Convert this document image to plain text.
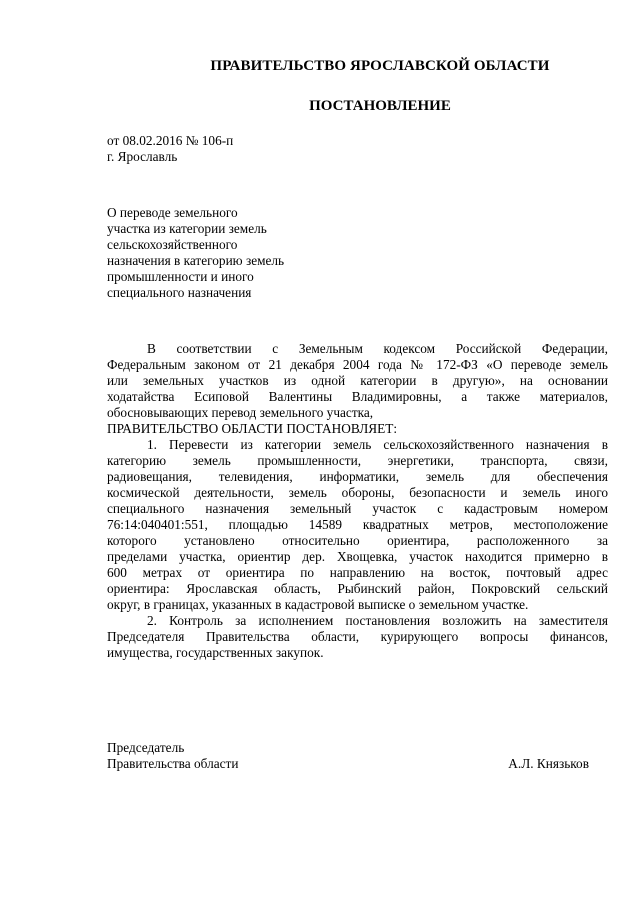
ПРАВИТЕЛЬСТВО ЯРОСЛАВСКОЙ ОБЛАСТИ
ПОСТАНОВЛЕНИЕ
от 08.02.2016 № 106-п
г. Ярославль
О переводе земельного
участка из категории земель
сельскохозяйственного
назначения в категорию земель
промышленности и иного
специального назначения
В соответствии с Земельным кодексом Российской Федерации,
Федеральным законом от 21 декабря 2004 года № 172-ФЗ «О переводе земель
или земельных участков из одной категории в другую», на основании
ходатайства Есиповой Валентины Владимировны, а также материалов,
обосновывающих перевод земельного участка,
ПРАВИТЕЛЬСТВО ОБЛАСТИ ПОСТАНОВЛЯЕТ:
1. Перевести из категории земель сельскохозяйственного назначения в
категорию земель промышленности, энергетики, транспорта, связи,
радиовещания, телевидения, информатики, земель для обеспечения
космической деятельности, земель обороны, безопасности и земель иного
специального назначения земельный участок с кадастровым номером
76:14:040401:551, площадью 14589 квадратных метров, местоположение
которого установлено относительно ориентира, расположенного за
пределами участка, ориентир дер. Хвощевка, участок находится примерно в
600 метрах от ориентира по направлению на восток, почтовый адрес
ориентира: Ярославская область, Рыбинский район, Покровский сельский
округ, в границах, указанных в кадастровой выписке о земельном участке.
2. Контроль за исполнением постановления возложить на заместителя
Председателя Правительства области, курирующего вопросы финансов,
имущества, государственных закупок.
Председатель
Правительства области	А.Л. Князьков
